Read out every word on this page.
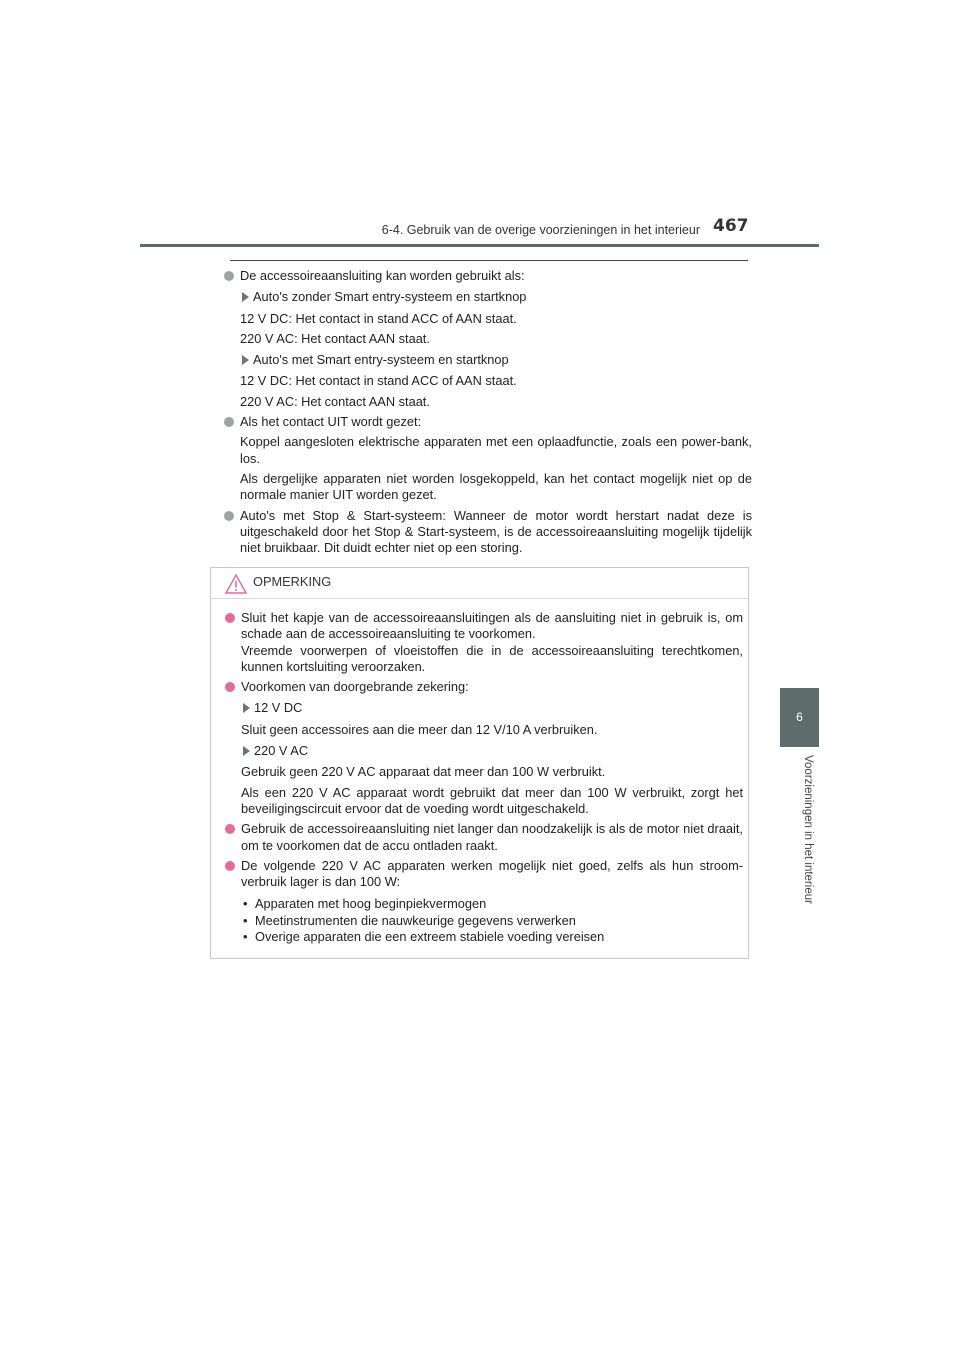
6-4. Gebruik van de overige voorzieningen in het interieur 467
6
Voorzieningen in het interieur
De accessoireaansluiting kan worden gebruikt als:
Auto's zonder Smart entry-systeem en startknop
12 V DC: Het contact in stand ACC of AAN staat.
220 V AC: Het contact AAN staat.
Auto's met Smart entry-systeem en startknop
12 V DC: Het contact in stand ACC of AAN staat.
220 V AC: Het contact AAN staat.
Als het contact UIT wordt gezet:
Koppel aangesloten elektrische apparaten met een oplaadfunctie, zoals een power-bank, los.
Als dergelijke apparaten niet worden losgekoppeld, kan het contact mogelijk niet op de normale manier UIT worden gezet.
Auto's met Stop & Start-systeem: Wanneer de motor wordt herstart nadat deze is uitgeschakeld door het Stop & Start-systeem, is de accessoireaansluiting mogelijk tijdelijk niet bruikbaar. Dit duidt echter niet op een storing.
OPMERKING
Sluit het kapje van de accessoireaansluitingen als de aansluiting niet in gebruik is, om schade aan de accessoireaansluiting te voorkomen.
Vreemde voorwerpen of vloeistoffen die in de accessoireaansluiting terechtkomen, kunnen kortsluiting veroorzaken.
Voorkomen van doorgebrande zekering:
12 V DC
Sluit geen accessoires aan die meer dan 12 V/10 A verbruiken.
220 V AC
Gebruik geen 220 V AC apparaat dat meer dan 100 W verbruikt.
Als een 220 V AC apparaat wordt gebruikt dat meer dan 100 W verbruikt, zorgt het beveiligingscircuit ervoor dat de voeding wordt uitgeschakeld.
Gebruik de accessoireaansluiting niet langer dan noodzakelijk is als de motor niet draait, om te voorkomen dat de accu ontladen raakt.
De volgende 220 V AC apparaten werken mogelijk niet goed, zelfs als hun stroom-verbruik lager is dan 100 W:
• Apparaten met hoog beginpiekvermogen
• Meetinstrumenten die nauwkeurige gegevens verwerken
• Overige apparaten die een extreem stabiele voeding vereisen
